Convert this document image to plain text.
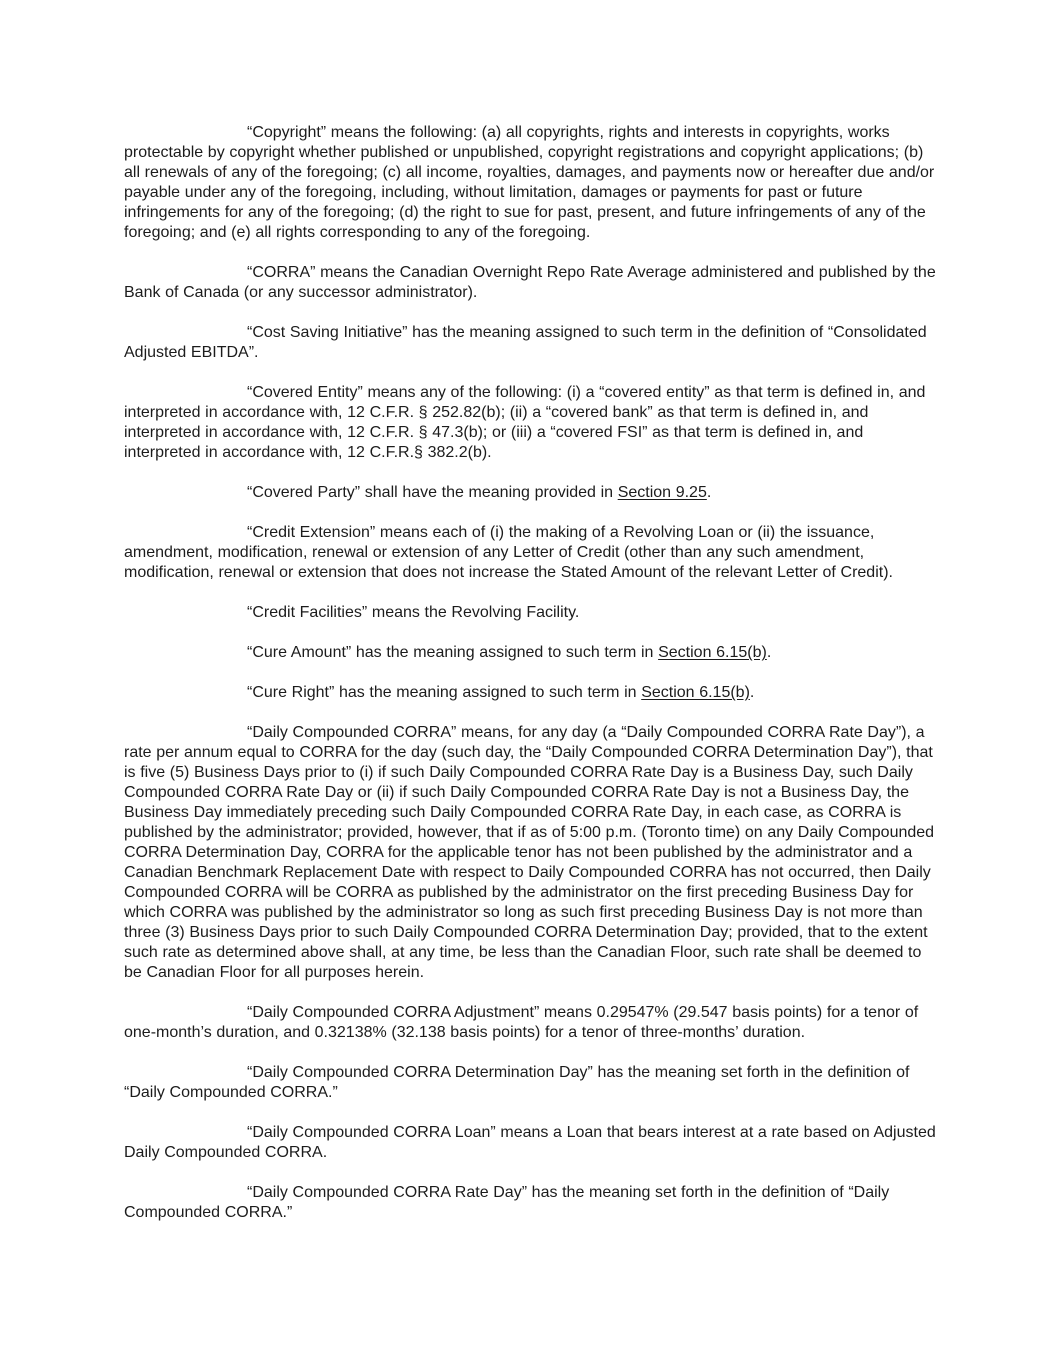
“Copyright” means the following: (a) all copyrights, rights and interests in copyrights, works protectable by copyright whether published or unpublished, copyright registrations and copyright applications; (b) all renewals of any of the foregoing; (c) all income, royalties, damages, and payments now or hereafter due and/or payable under any of the foregoing, including, without limitation, damages or payments for past or future infringements for any of the foregoing; (d) the right to sue for past, present, and future infringements of any of the foregoing; and (e) all rights corresponding to any of the foregoing.

“CORRA” means the Canadian Overnight Repo Rate Average administered and published by the Bank of Canada (or any successor administrator).

“Cost Saving Initiative” has the meaning assigned to such term in the definition of “Consolidated Adjusted EBITDA”.

“Covered Entity” means any of the following: (i) a “covered entity” as that term is defined in, and interpreted in accordance with, 12 C.F.R. § 252.82(b); (ii) a “covered bank” as that term is defined in, and interpreted in accordance with, 12 C.F.R. § 47.3(b); or (iii) a “covered FSI” as that term is defined in, and interpreted in accordance with, 12 C.F.R.§ 382.2(b).

“Covered Party” shall have the meaning provided in Section 9.25.

“Credit Extension” means each of (i) the making of a Revolving Loan or (ii) the issuance, amendment, modification, renewal or extension of any Letter of Credit (other than any such amendment, modification, renewal or extension that does not increase the Stated Amount of the relevant Letter of Credit).

“Credit Facilities” means the Revolving Facility.

“Cure Amount” has the meaning assigned to such term in Section 6.15(b).

“Cure Right” has the meaning assigned to such term in Section 6.15(b).

“Daily Compounded CORRA” means, for any day (a “Daily Compounded CORRA Rate Day”), a rate per annum equal to CORRA for the day (such day, the “Daily Compounded CORRA Determination Day”), that is five (5) Business Days prior to (i) if such Daily Compounded CORRA Rate Day is a Business Day, such Daily Compounded CORRA Rate Day or (ii) if such Daily Compounded CORRA Rate Day is not a Business Day, the Business Day immediately preceding such Daily Compounded CORRA Rate Day, in each case, as CORRA is published by the administrator; provided, however, that if as of 5:00 p.m. (Toronto time) on any Daily Compounded CORRA Determination Day, CORRA for the applicable tenor has not been published by the administrator and a Canadian Benchmark Replacement Date with respect to Daily Compounded CORRA has not occurred, then Daily Compounded CORRA will be CORRA as published by the administrator on the first preceding Business Day for which CORRA was published by the administrator so long as such first preceding Business Day is not more than three (3) Business Days prior to such Daily Compounded CORRA Determination Day; provided, that to the extent such rate as determined above shall, at any time, be less than the Canadian Floor, such rate shall be deemed to be Canadian Floor for all purposes herein.

“Daily Compounded CORRA Adjustment” means 0.29547% (29.547 basis points) for a tenor of one-month’s duration, and 0.32138% (32.138 basis points) for a tenor of three-months’ duration.

“Daily Compounded CORRA Determination Day” has the meaning set forth in the definition of “Daily Compounded CORRA.”

“Daily Compounded CORRA Loan” means a Loan that bears interest at a rate based on Adjusted Daily Compounded CORRA.

“Daily Compounded CORRA Rate Day” has the meaning set forth in the definition of “Daily Compounded CORRA.”
